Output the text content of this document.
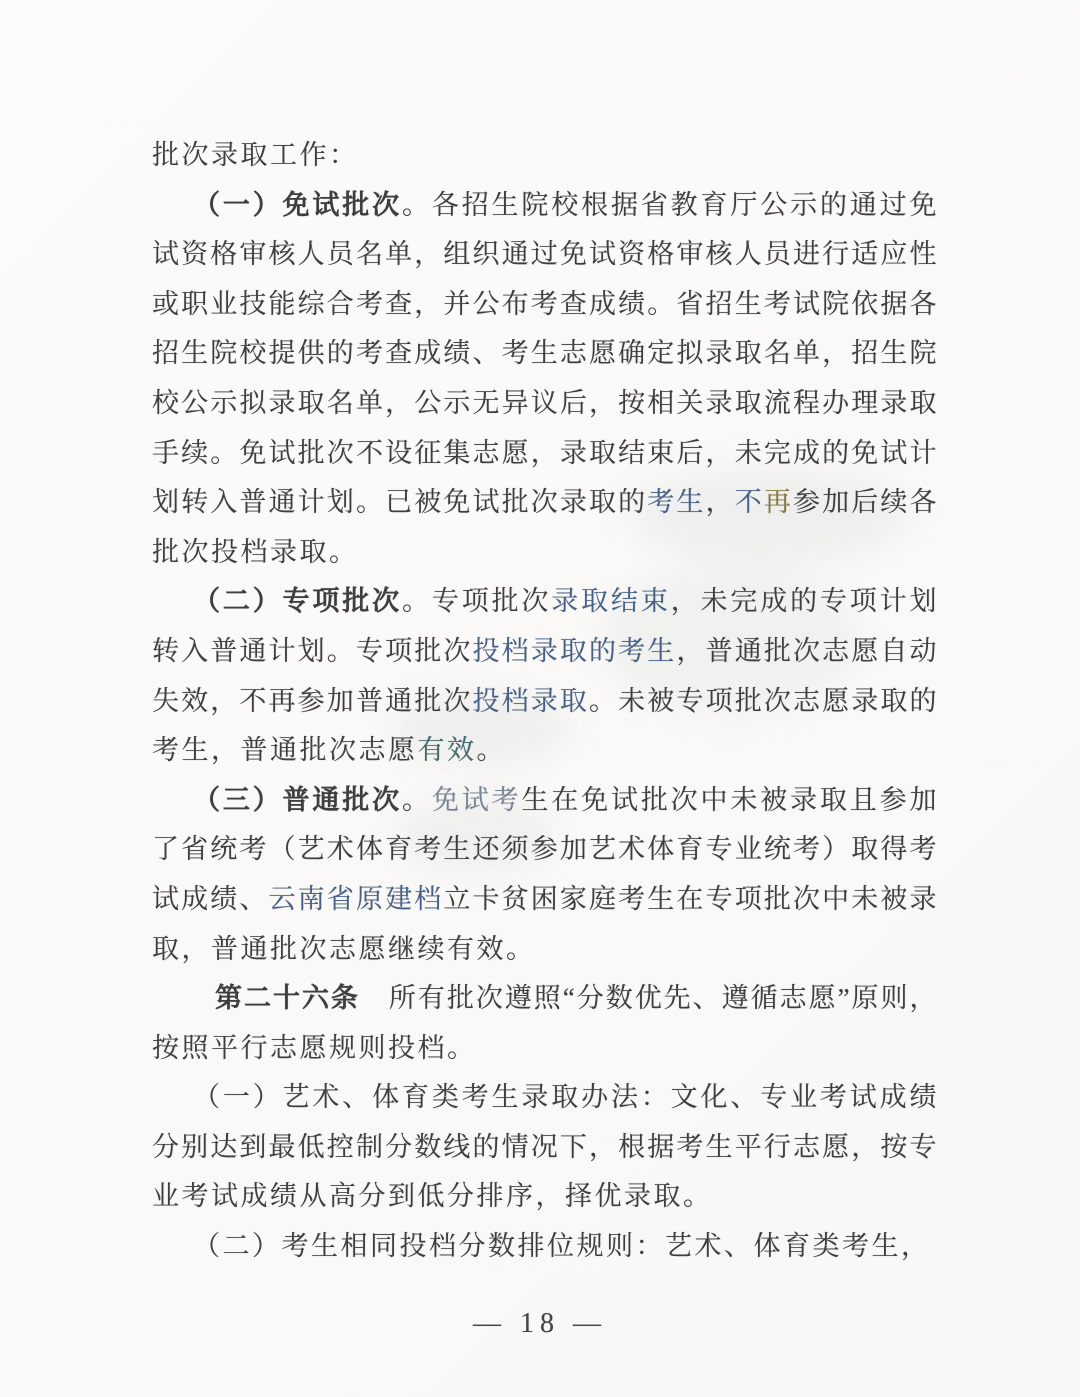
批次录取工作：
（一）免试批次。各招生院校根据省教育厅公示的通过免
试资格审核人员名单，组织通过免试资格审核人员进行适应性
或职业技能综合考查，并公布考查成绩。省招生考试院依据各
招生院校提供的考查成绩、考生志愿确定拟录取名单，招生院
校公示拟录取名单，公示无异议后，按相关录取流程办理录取
手续。免试批次不设征集志愿，录取结束后，未完成的免试计
划转入普通计划。已被免试批次录取的考生，不再参加后续各
批次投档录取。
（二）专项批次。专项批次录取结束，未完成的专项计划
转入普通计划。专项批次投档录取的考生，普通批次志愿自动
失效，不再参加普通批次投档录取。未被专项批次志愿录取的
考生，普通批次志愿有效。
（三）普通批次。免试考生在免试批次中未被录取且参加
了省统考（艺术体育考生还须参加艺术体育专业统考）取得考
试成绩、云南省原建档立卡贫困家庭考生在专项批次中未被录
取，普通批次志愿继续有效。
第二十六条　所有批次遵照“分数优先、遵循志愿”原则，
按照平行志愿规则投档。
（一）艺术、体育类考生录取办法：文化、专业考试成绩
分别达到最低控制分数线的情况下，根据考生平行志愿，按专
业考试成绩从高分到低分排序，择优录取。
（二）考生相同投档分数排位规则：艺术、体育类考生，
— 18 —
